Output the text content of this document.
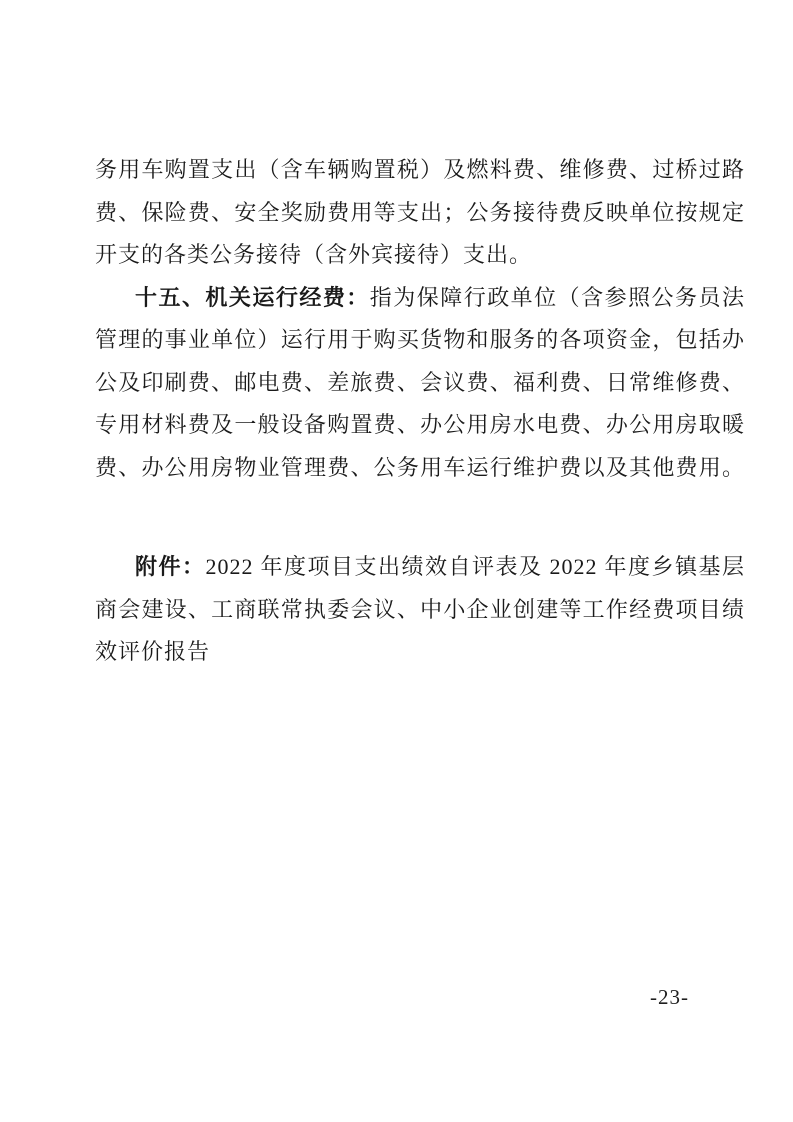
务用车购置支出（含车辆购置税）及燃料费、维修费、过桥过路
费、保险费、安全奖励费用等支出；公务接待费反映单位按规定
开支的各类公务接待（含外宾接待）支出。
十五、机关运行经费：指为保障行政单位（含参照公务员法
管理的事业单位）运行用于购买货物和服务的各项资金，包括办
公及印刷费、邮电费、差旅费、会议费、福利费、日常维修费、
专用材料费及一般设备购置费、办公用房水电费、办公用房取暖
费、办公用房物业管理费、公务用车运行维护费以及其他费用。
附件：2022 年度项目支出绩效自评表及 2022 年度乡镇基层
商会建设、工商联常执委会议、中小企业创建等工作经费项目绩
效评价报告
-23-
